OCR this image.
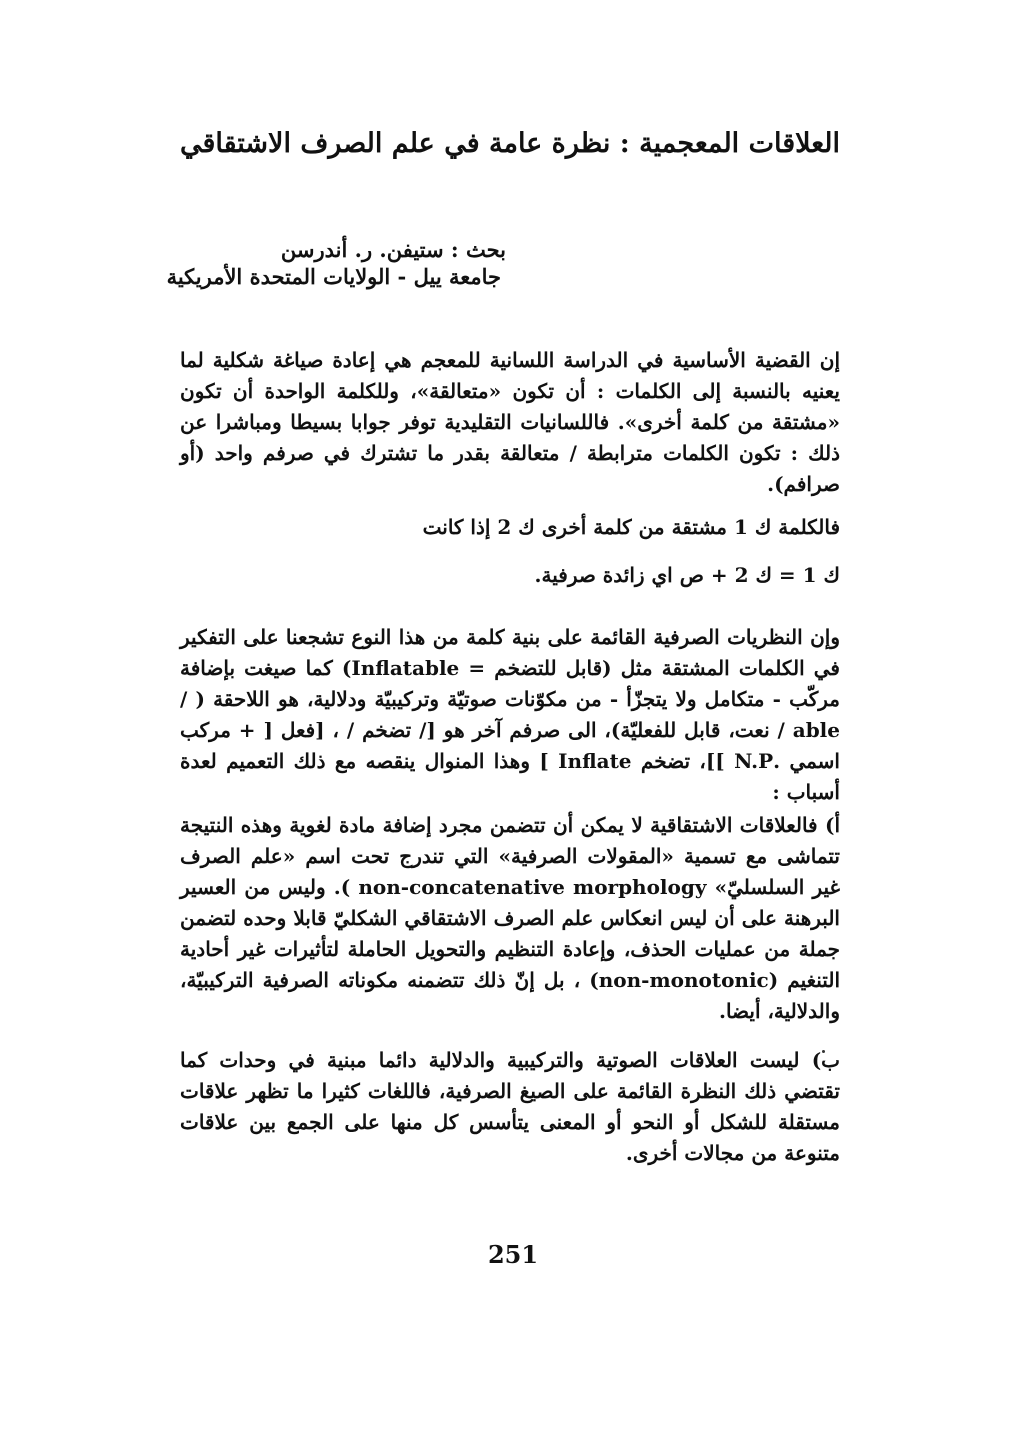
العلاقات المعجمية : نظرة عامة في علم الصرف الاشتقاقي
بحث : ستيفن. ر. أندرسن
جامعة ييل - الولايات المتحدة الأمريكية
إن القضية الأساسية في الدراسة اللسانية للمعجم هي إعادة صياغة شكلية لما يعنيه بالنسبة إلى الكلمات : أن تكون «متعالقة»، وللكلمة الواحدة أن تكون «مشتقة من كلمة أخرى». فاللسانيات التقليدية توفر جوابا بسيطا ومباشرا عن ذلك : تكون الكلمات مترابطة / متعالقة بقدر ما تشترك في صرفم واحد (أو صرافم).
فالكلمة ك 1 مشتقة من كلمة أخرى ك 2 إذا كانت
ك 1 = ك 2 + ص اي زائدة صرفية.
وإن النظريات الصرفية القائمة على بنية كلمة من هذا النوع تشجعنا على التفكير في الكلمات المشتقة مثل (قابل للتضخم = Inflatable) كما صيغت بإضافة مركّب - متكامل ولا يتجزّأ - من مكوّنات صوتيّة وتركيبيّة ودلالية، هو اللاحقة ( / able / نعت، قابل للفعليّة)، الى صرفم آخر هو [/ تضخم / ، [فعل [ + مركب اسمي .N.P ]]، تضخم Inflate ] وهذا المنوال ينقصه مع ذلك التعميم لعدة أسباب :
أ) فالعلاقات الاشتقاقية لا يمكن أن تتضمن مجرد إضافة مادة لغوية وهذه النتيجة تتماشى مع تسمية «المقولات الصرفية» التي تندرج تحت اسم «علم الصرف غير السلسليّ» non-concatenative morphology ). وليس من العسير البرهنة على أن ليس انعكاس علم الصرف الاشتقاقي الشكليّ قابلا وحده لتضمن جملة من عمليات الحذف، وإعادة التنظيم والتحويل الحاملة لتأثيرات غير أحادية التنغيم (non-monotonic) ، بل إنّ ذلك تتضمنه مكوناته الصرفية التركيبيّة، والدلالية، أيضا.
ب) ليست العلاقات الصوتية والتركيبية والدلالية دائما مبنية في وحدات كما تقتضي ذلك النظرة القائمة على الصيغ الصرفية، فاللغات كثيرا ما تظهر علاقات مستقلة للشكل أو النحو أو المعنى يتأسس كل منها على الجمع بين علاقات متنوعة من مجالات أخرى.
251
